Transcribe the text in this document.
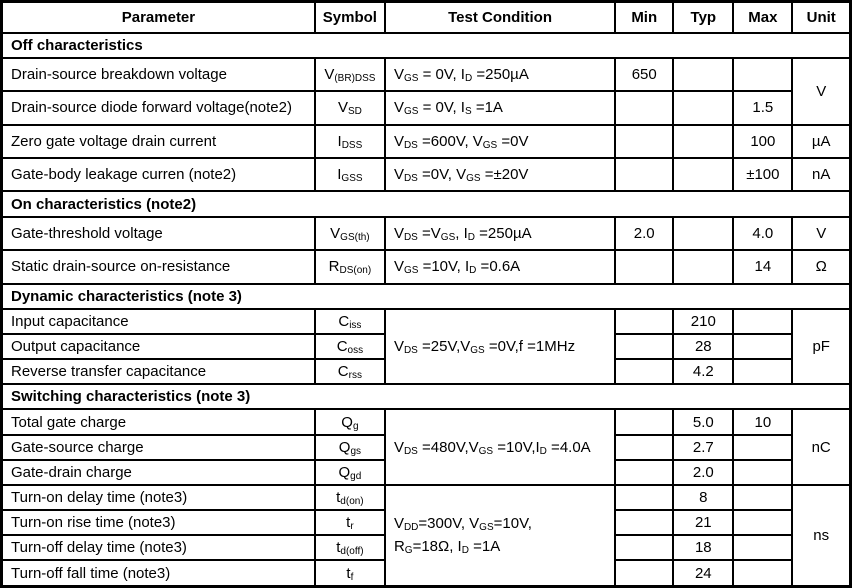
Parameter	Symbol	Test Condition	Min	Typ	Max	Unit
Off characteristics						
Drain-source breakdown voltage	$V_{(BR)DSS}$	$V_{GS} = 0V$, $I_D =250\mu A$	650			V
Drain-source diode forward voltage(note2)	$V_{SD}$	$V_{GS} = 0V$, $I_S =1A$			1.5	
Zero gate voltage drain current	$I_{DSS}$	$V_{DS} =600V$, $V_{GS} =0V$			100	µA
Gate-body leakage curren (note2)	$I_{GSS}$	$V_{DS} =0V$, $V_{GS} =\pm 20V$			±100	nA
On characteristics (note2)						
Gate-threshold voltage	$V_{GS(th)}$	$V_{DS} =V_{GS}$, $I_D =250\mu A$	2.0		4.0	V
Static drain-source on-resistance	$R_{DS(on)}$	$V_{GS} =10V$, $I_D =0.6A$			14	Ω
Dynamic characteristics (note 3)						
Input capacitance	$C_{iss}$	$V_{DS} =25V,V_{GS} =0V,f =1MHz$		210		pF
Output capacitance	$C_{oss}$			28		
Reverse transfer capacitance	$C_{rss}$			4.2		
Switching characteristics (note 3)						
Total gate charge	$Q_g$	$V_{DS} =480V,V_{GS} =10V,I_D =4.0A$		5.0	10	nC
Gate-source charge	$Q_{gs}$			2.7		
Gate-drain charge	$Q_{gd}$			2.0		
Turn-on delay time (note3)	$t_{d(on)}$	$V_{DD}=300V$, $V_{GS}=10V$,
$R_G=18\Omega$, $I_D =1A$		8		ns
Turn-on rise time (note3)	$t_r$			21		
Turn-off delay time (note3)	$t_{d(off)}$			18		
Turn-off fall time (note3)	$t_f$			24		
